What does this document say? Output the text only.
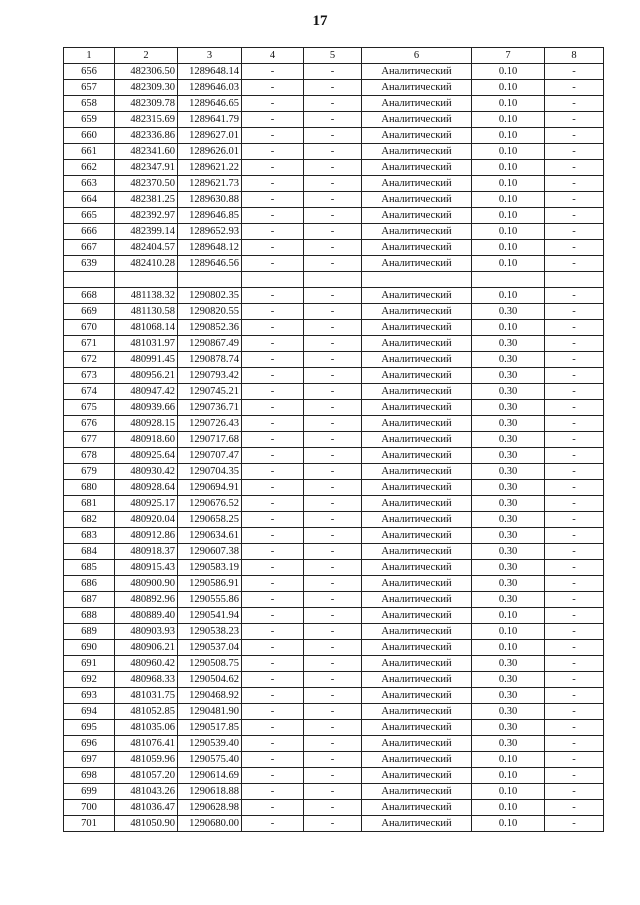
17
1	2	3	4	5	6	7	8
656	482306.50	1289648.14	-	-	Аналитический	0.10	-
657	482309.30	1289646.03	-	-	Аналитический	0.10	-
658	482309.78	1289646.65	-	-	Аналитический	0.10	-
659	482315.69	1289641.79	-	-	Аналитический	0.10	-
660	482336.86	1289627.01	-	-	Аналитический	0.10	-
661	482341.60	1289626.01	-	-	Аналитический	0.10	-
662	482347.91	1289621.22	-	-	Аналитический	0.10	-
663	482370.50	1289621.73	-	-	Аналитический	0.10	-
664	482381.25	1289630.88	-	-	Аналитический	0.10	-
665	482392.97	1289646.85	-	-	Аналитический	0.10	-
666	482399.14	1289652.93	-	-	Аналитический	0.10	-
667	482404.57	1289648.12	-	-	Аналитический	0.10	-
639	482410.28	1289646.56	-	-	Аналитический	0.10	-

668	481138.32	1290802.35	-	-	Аналитический	0.10	-
669	481130.58	1290820.55	-	-	Аналитический	0.30	-
670	481068.14	1290852.36	-	-	Аналитический	0.10	-
671	481031.97	1290867.49	-	-	Аналитический	0.30	-
672	480991.45	1290878.74	-	-	Аналитический	0.30	-
673	480956.21	1290793.42	-	-	Аналитический	0.30	-
674	480947.42	1290745.21	-	-	Аналитический	0.30	-
675	480939.66	1290736.71	-	-	Аналитический	0.30	-
676	480928.15	1290726.43	-	-	Аналитический	0.30	-
677	480918.60	1290717.68	-	-	Аналитический	0.30	-
678	480925.64	1290707.47	-	-	Аналитический	0.30	-
679	480930.42	1290704.35	-	-	Аналитический	0.30	-
680	480928.64	1290694.91	-	-	Аналитический	0.30	-
681	480925.17	1290676.52	-	-	Аналитический	0.30	-
682	480920.04	1290658.25	-	-	Аналитический	0.30	-
683	480912.86	1290634.61	-	-	Аналитический	0.30	-
684	480918.37	1290607.38	-	-	Аналитический	0.30	-
685	480915.43	1290583.19	-	-	Аналитический	0.30	-
686	480900.90	1290586.91	-	-	Аналитический	0.30	-
687	480892.96	1290555.86	-	-	Аналитический	0.30	-
688	480889.40	1290541.94	-	-	Аналитический	0.10	-
689	480903.93	1290538.23	-	-	Аналитический	0.10	-
690	480906.21	1290537.04	-	-	Аналитический	0.10	-
691	480960.42	1290508.75	-	-	Аналитический	0.30	-
692	480968.33	1290504.62	-	-	Аналитический	0.30	-
693	481031.75	1290468.92	-	-	Аналитический	0.30	-
694	481052.85	1290481.90	-	-	Аналитический	0.30	-
695	481035.06	1290517.85	-	-	Аналитический	0.30	-
696	481076.41	1290539.40	-	-	Аналитический	0.30	-
697	481059.96	1290575.40	-	-	Аналитический	0.10	-
698	481057.20	1290614.69	-	-	Аналитический	0.10	-
699	481043.26	1290618.88	-	-	Аналитический	0.10	-
700	481036.47	1290628.98	-	-	Аналитический	0.10	-
701	481050.90	1290680.00	-	-	Аналитический	0.10	-
